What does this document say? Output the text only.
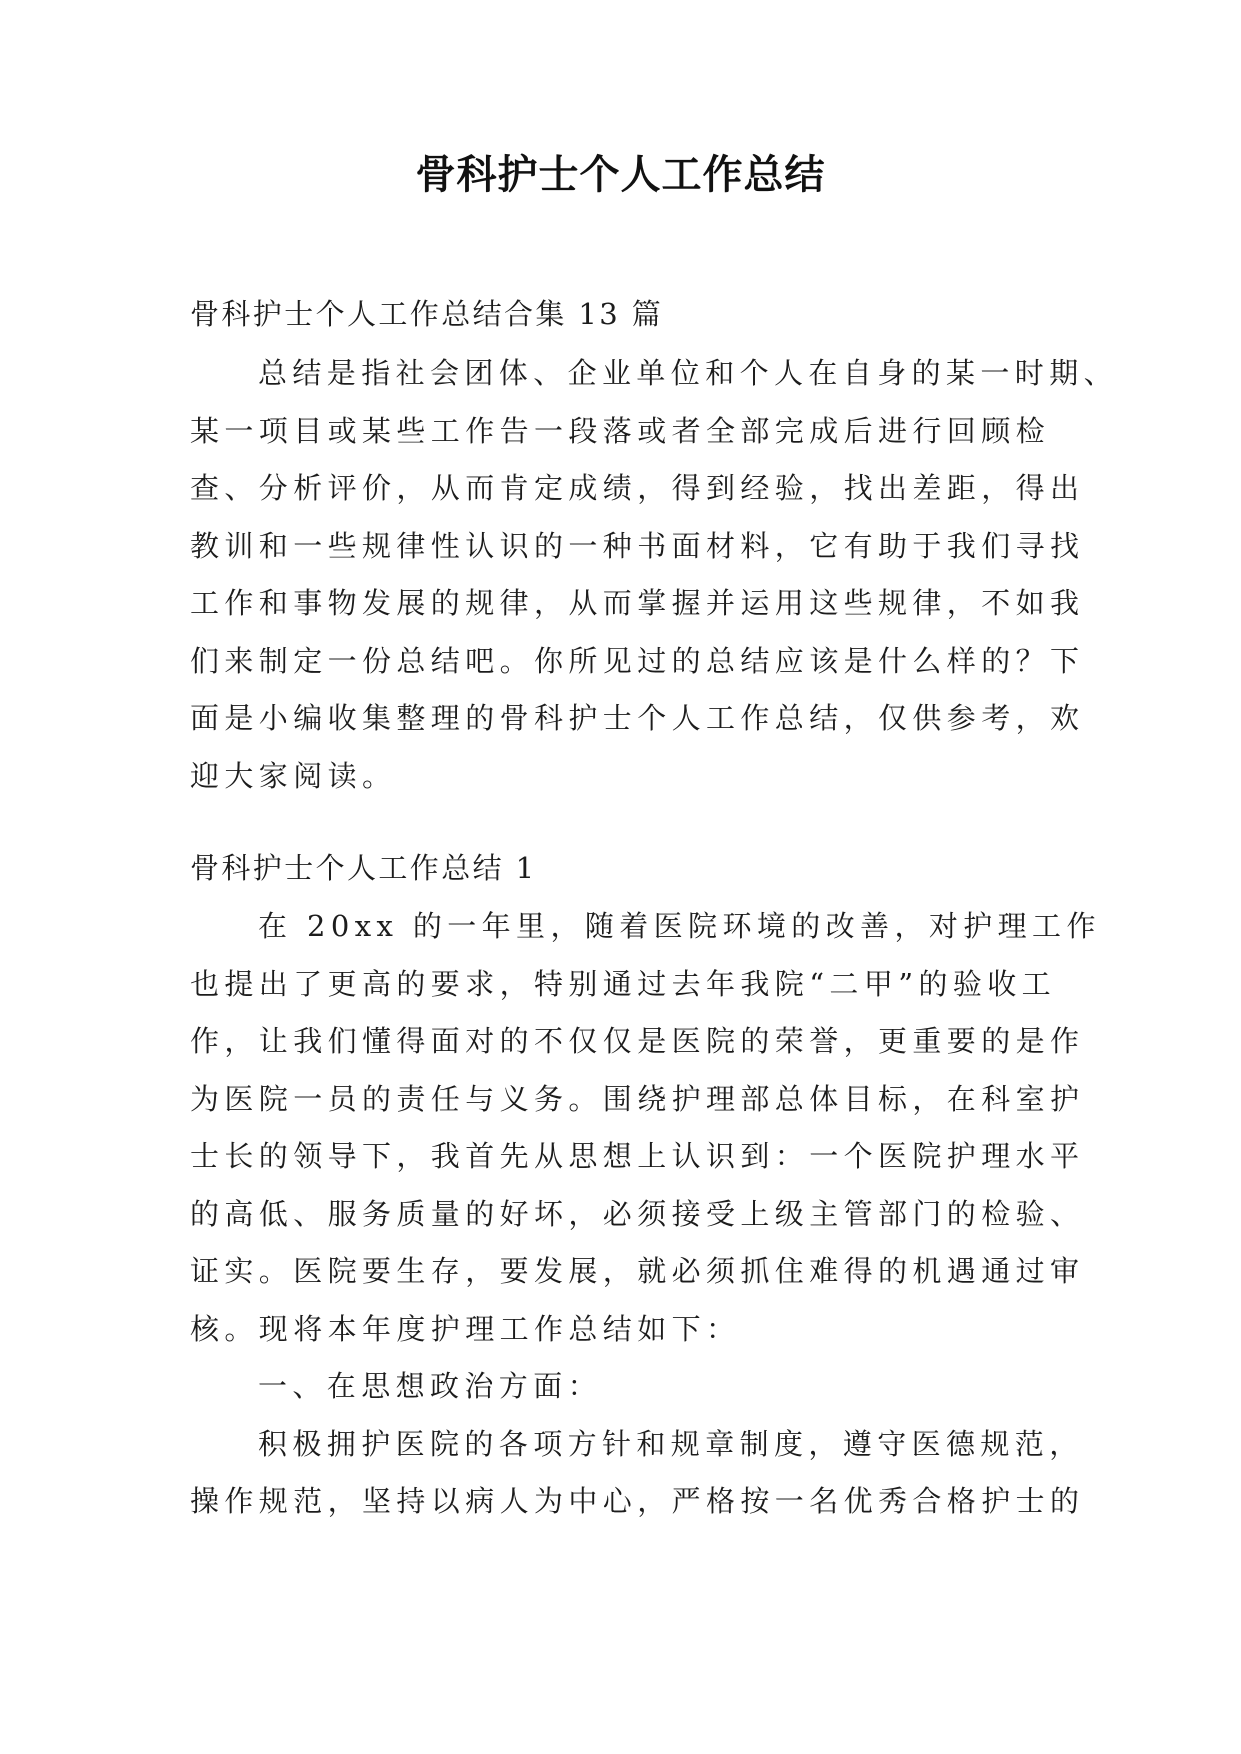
骨科护士个人工作总结
骨科护士个人工作总结合集 13 篇
总结是指社会团体、企业单位和个人在自身的某一时期、
某一项目或某些工作告一段落或者全部完成后进行回顾检
查、分析评价，从而肯定成绩，得到经验，找出差距，得出
教训和一些规律性认识的一种书面材料，它有助于我们寻找
工作和事物发展的规律，从而掌握并运用这些规律，不如我
们来制定一份总结吧。你所见过的总结应该是什么样的？下
面是小编收集整理的骨科护士个人工作总结，仅供参考，欢
迎大家阅读。
骨科护士个人工作总结 1
在 20xx 的一年里，随着医院环境的改善，对护理工作
也提出了更高的要求，特别通过去年我院“二甲”的验收工
作，让我们懂得面对的不仅仅是医院的荣誉，更重要的是作
为医院一员的责任与义务。围绕护理部总体目标，在科室护
士长的领导下，我首先从思想上认识到：一个医院护理水平
的高低、服务质量的好坏，必须接受上级主管部门的检验、
证实。医院要生存，要发展，就必须抓住难得的机遇通过审
核。现将本年度护理工作总结如下：
一、在思想政治方面：
积极拥护医院的各项方针和规章制度，遵守医德规范，
操作规范，坚持以病人为中心，严格按一名优秀合格护士的
